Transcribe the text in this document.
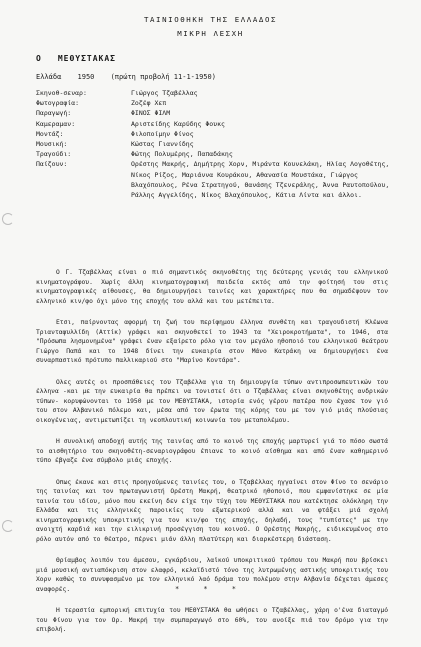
ΤΑΙΝΙΟΘΗΚΗ ΤΗΣ ΕΛΛΑΔΟΣ
ΜΙΚΡΗ ΛΕΣΧΗ
Ο ΜΕΘΥΣΤΑΚΑΣ
Ελλάδα 1950 (πρώτη προβολή 11-1-1950)
Σκηνοθ-σεναρ:	Γιώργος Τζαβέλλας
Φωτογραφία:	Ζοζέφ Χεπ
Παραγωγή:	ΦΙΝΟΣ ΦΙΛΜ
Καμεραμαν:	Αριστείδης Καρύδης Φουκς
Μοντάζ:	Φιλοποίμην Φίνος
Μουσική:	Κώστας Γιαννίδης
Τραγούδι:	Φώτης Πολυμέρης, Παπαδάκης
Παίζουν:	Ορέστης Μακρής, Δημήτρης Χορν, Μιράντα Κουνελάκη, Ηλίας Λογοθέτης, Νίκος Ρίζος, Μαριάννα Κουράκου, Αθανασία Μουστάκα, Γιώργος Βλαχόπουλος, Ρένα Στρατηγού, Θανάσης Τζενεράλης, Άννα Ραυτοπούλου, Ράλλης Αγγελίδης, Νίκος Βλαχόπουλος, Κάτια Λίντα και άλλοι.

Ο Γ. Τζαβέλλας είναι ο πιό σημαντικός σκηνοθέτης της δεύτερης γενιάς του ελληνικού κινηματογράφου. Χωρίς άλλη κινηματογραφική παιδεία εκτός από την φοίτησή του στις κινηματογραφικές αίθουσες, θα δημιουργήσει ταινίες και χαρακτήρες που θα σημαδέψουν τον ελληνικό κιν/φο όχι μόνο της εποχής του αλλά και του μετέπειτα.

Ετσι, παίρνοντας αφορμή τη ζωή του περίφημου έλληνα συνθέτη και τραγουδιστή Κλέωνα Τριανταφυλλίδη (Αττίκ) γράφει και σκηνοθετεί το 1943 τα "Χειροκροτήματα", το 1946, στα "Πρόσωπα λησμονημένα" γράφει έναν εξαίρετο ρόλο για τον μεγάλο ηθοποιό του ελληνικού θεάτρου Γιώργο Παπά και το 1948 δίνει την ευκαιρία στον Μάνο Κατράκη να δημιουργήσει ένα συναρπαστικό πρότυπο παλλικαριού στο "Μαρίνο Κοντάρα".

Ολες αυτές οι προσπάθειες του Τζαβέλλα για τη δημιουργία τύπων αντιπροσωπευτικών του έλληνα -και με την ευκαιρία θα πρέπει να τονιστεί ότι ο Τζαβέλλας είναι σκηνοθέτης ανδρικών τύπων- κορυφώνονται το 1950 με τον ΜΕΘΥΣΤΑΚΑ, ιστορία ενός γέρου πατέρα που έχασε τον γιό του στον Αλβανικό πόλεμο και, μέσα από τον έρωτα της κόρης του με τον γιό μιάς πλούσιας οικογένειας, αντιμετωπίζει τη νεοπλουτική κοινωνία του μεταπολέμου.

Η συνολική αποδοχή αυτής της ταινίας από το κοινό της εποχής μαρτυρεί γιά το πόσο σωστά το αισθητήριο του σκηνοθέτη-σεναριογράφου έπιανε το κοινό αίσθημα και από έναν καθημερινό τύπο έβγαζε ένα σύμβολο μιάς εποχής.

Οπως έκανε και στις προηγούμενες ταινίες του, ο Τζαβέλλας ηγγαίνει στον Φίνο το σενάριο της ταινίας και τον πρωταγωνιστή Ορέστη Μακρή, θεατρικό ηθοποιό, που εμφανίστηκε σε μία ταινία του ιδίου, μόνο που εκείνη δεν είχε την τύχη του ΜΕΘΥΣΤΑΚΑ που κατέκτησε ολόκληρη την Ελλάδα και τις ελληνικές παροικίες του εξωτερικού αλλά και να φτάξει μιά σχολή κινηματογραφικής υποκριτικής για τον κιν/φο της εποχής, δηλαδή, τους "τυπίστες" με την ανοιχτή καρδιά και την ειλικρινή προσέγγιση του κοινού. Ο Ορέστης Μακρής, ειδικευμένος στο ρόλο αυτόν από το θέατρο, πέρνει μιάν άλλη πλατύτερη και διαρκέστερη διάσταση.

Θρίαμβος λοιπόν του άμεσου, εγκάρδιου, λαϊκού υποκριτικού τρόπου του Μακρή που βρίσκει μιά μουσική αντιαπόκριση στον ελαφρό, κελαϊδιστό τόνο της λυτρωμένης αστικής υποκριτικής του Χορν καθώς το συνυφασμένο με τον ελληνικό λαό δράμα του πολέμου στην Αλβανία δέχεται άμεσες αναφορές.

Η τεραστία εμπορική επιτυχία του ΜΕΘΥΣΤΑΚΑ θα ωθήσει ο Τζαβέλλας, χάρη ο'ένα διαταγμό του Φίνου για τον Ορ. Μακρή την συμπαραγωγό στο 60%, του ανοίξε πιά τον δρόμο για την επιβολή.

* * *
